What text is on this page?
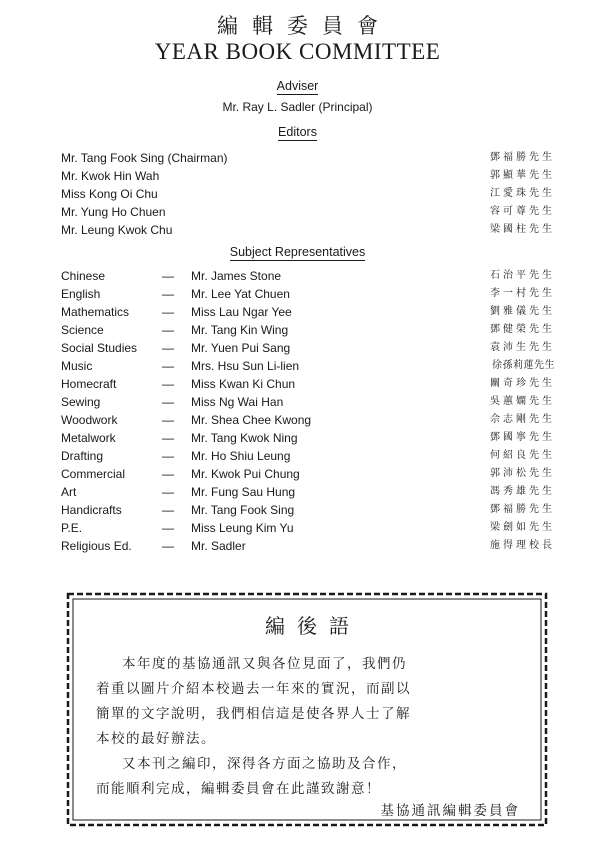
編輯委員會
YEAR BOOK COMMITTEE
Adviser
Mr. Ray L. Sadler (Principal)
Editors
Mr. Tang Fook Sing (Chairman)	鄧福勝先生
Mr. Kwok Hin Wah	郭顯華先生
Miss Kong Oi Chu	江愛珠先生
Mr. Yung Ho Chuen	容可尊先生
Mr. Leung Kwok Chu	梁國柱先生
Subject Representatives
Chinese	— Mr. James Stone	石治平先生
English	— Mr. Lee Yat Chuen	李一村先生
Mathematics	— Miss Lau Ngar Yee	劉雅儀先生
Science	— Mr. Tang Kin Wing	鄧健榮先生
Social Studies — Mr. Yuen Pui Sang	袁沛生先生
Music	— Mrs. Hsu Sun Li-lien	徐孫莉蓮先生
Homecraft	— Miss Kwan Ki Chun	關奇珍先生
Sewing	— Miss Ng Wai Han	吳蕙嫻先生
Woodwork	— Mr. Shea Chee Kwong	佘志剛先生
Metalwork	— Mr. Tang Kwok Ning	鄧國寧先生
Drafting	— Mr. Ho Shiu Leung	何紹良先生
Commercial	— Mr. Kwok Pui Chung	郭沛松先生
Art	— Mr. Fung Sau Hung	馮秀雄先生
Handicrafts	— Mr. Tang Fook Sing	鄧福勝先生
P.E.	— Miss Leung Kim Yu	梁劍如先生
Religious Ed.	— Mr. Sadler	施得理校長
編後語
本年度的基協通訊又與各位見面了，我們仍
着重以圖片介紹本校過去一年來的實況，而副以
簡單的文字說明，我們相信這是使各界人士了解
本校的最好辦法。
又本刊之編印，深得各方面之協助及合作，
而能順利完成，編輯委員會在此謹致謝意！
基協通訊編輯委員會
